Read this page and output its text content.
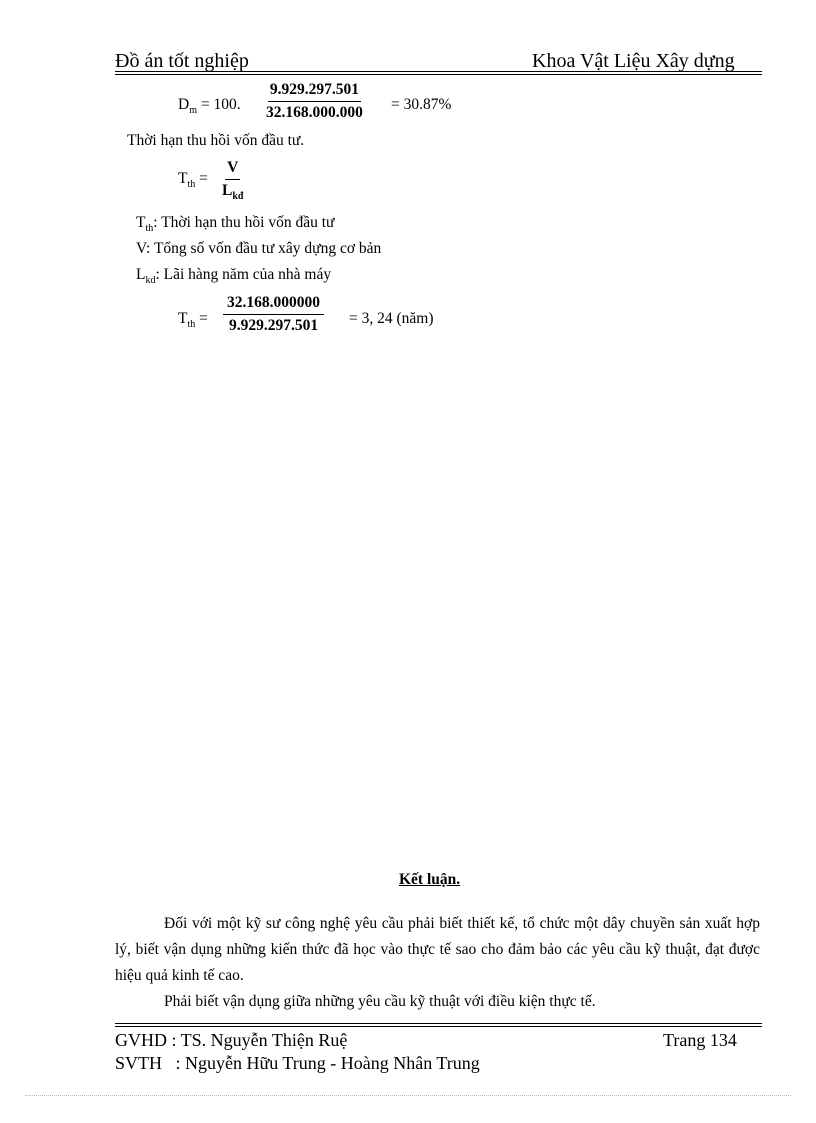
Đồ án tốt nghiệp	Khoa Vật Liệu Xây dựng
$D_m = 100$. $\frac{9.929.297.501}{32.168.000.000} = 30.87\%$
Thời hạn thu hồi vốn đầu tư.
$T_{th}$ =
V
$L_{kđ}$
$T_{th}$: Thời hạn thu hồi vốn đầu tư
V: Tổng số vốn đầu tư xây dựng cơ bản
$L_{kd}$: Lãi hàng năm của nhà máy
$T_{th} = \frac{32.168.000000}{9.929.297.501} = 3$, 24 (năm)
Kết luận.
Đối với một kỹ sư công nghệ yêu cầu phải biết thiết kế, tổ chức một dây chuyền sản xuất hợp lý, biết vận dụng những kiến thức đã học vào thực tế sao cho đảm bảo các yêu cầu kỹ thuật, đạt được hiệu quả kinh tế cao.
Phải biết vận dụng giữa những yêu cầu kỹ thuật với điều kiện thực tế.
GVHD : TS. Nguyễn Thiện Ruệ	Trang 134
SVTH   : Nguyễn Hữu Trung - Hoàng Nhân Trung
